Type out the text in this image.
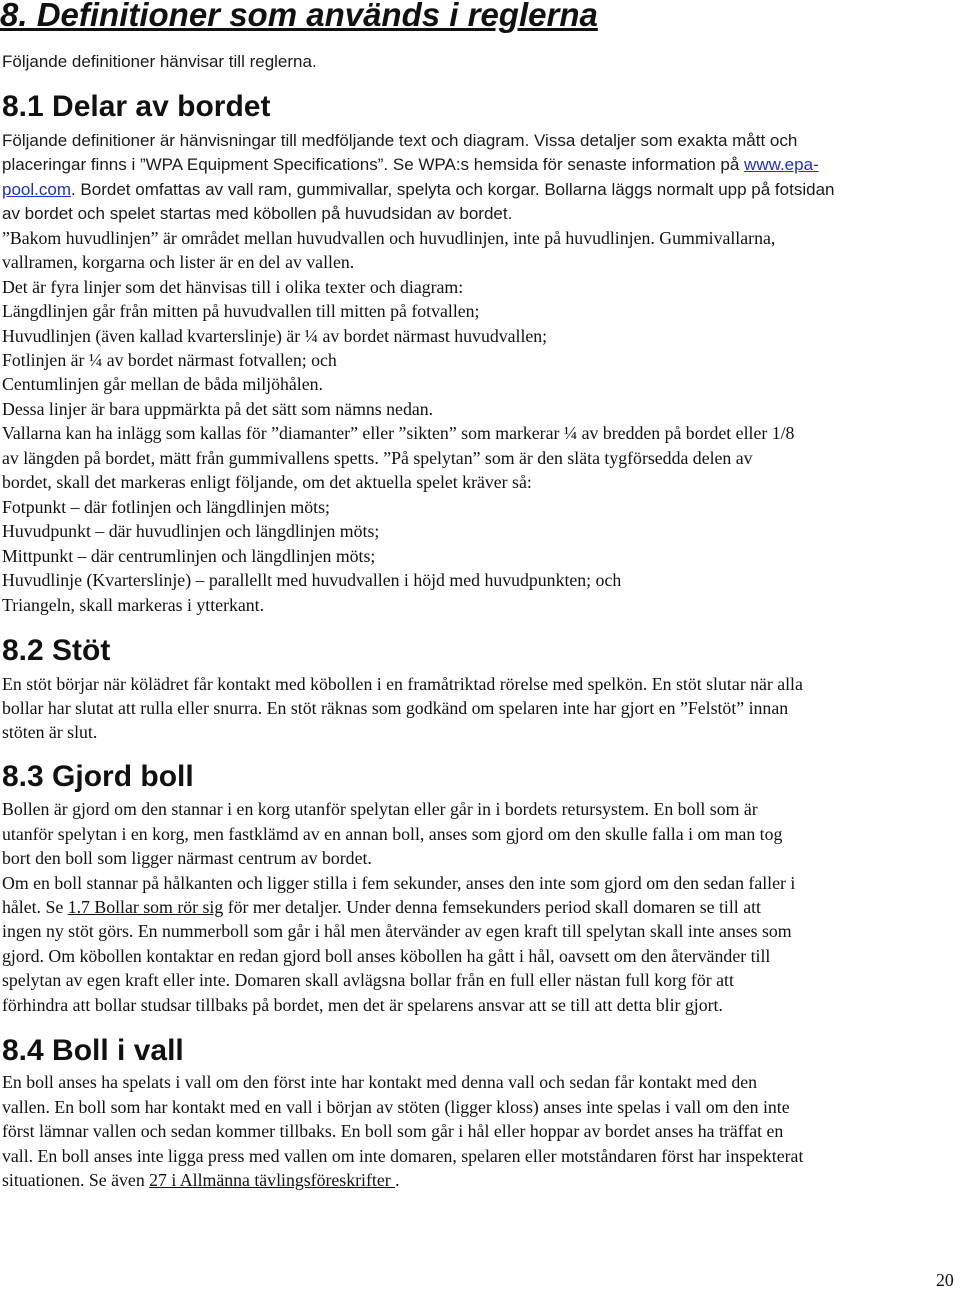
8. Definitioner som används i reglerna
Följande definitioner hänvisar till reglerna.
8.1 Delar av bordet
Följande definitioner är hänvisningar till medföljande text och diagram. Vissa detaljer som exakta mått och
placeringar finns i ”WPA Equipment Specifications”. Se WPA:s hemsida för senaste information på www.epa-
pool.com. Bordet omfattas av vall ram, gummivallar, spelyta och korgar. Bollarna läggs normalt upp på fotsidan
av bordet och spelet startas med köbollen på huvudsidan av bordet.
”Bakom huvudlinjen” är området mellan huvudvallen och huvudlinjen, inte på huvudlinjen. Gummivallarna,
vallramen, korgarna och lister är en del av vallen.
Det är fyra linjer som det hänvisas till i olika texter och diagram:
Längdlinjen går från mitten på huvudvallen till mitten på fotvallen;
Huvudlinjen (även kallad kvarterslinje) är ¼ av bordet närmast huvudvallen;
Fotlinjen är ¼ av bordet närmast fotvallen; och
Centumlinjen går mellan de båda miljöhålen.
Dessa linjer är bara uppmärkta på det sätt som nämns nedan.
Vallarna kan ha inlägg som kallas för ”diamanter” eller ”sikten” som markerar ¼ av bredden på bordet eller 1/8
av längden på bordet, mätt från gummivallens spetts. ”På spelytan” som är den släta tygförsedda delen av
bordet, skall det markeras enligt följande, om det aktuella spelet kräver så:
Fotpunkt – där fotlinjen och längdlinjen möts;
Huvudpunkt – där huvudlinjen och längdlinjen möts;
Mittpunkt – där centrumlinjen och längdlinjen möts;
Huvudlinje (Kvarterslinje) – parallellt med huvudvallen i höjd med huvudpunkten; och
Triangeln, skall markeras i ytterkant.
8.2 Stöt
En stöt börjar när kölädret får kontakt med köbollen i en framåtriktad rörelse med spelkön. En stöt slutar när alla
bollar har slutat att rulla eller snurra. En stöt räknas som godkänd om spelaren inte har gjort en ”Felstöt” innan
stöten är slut.
8.3 Gjord boll
Bollen är gjord om den stannar i en korg utanför spelytan eller går in i bordets retursystem. En boll som är
utanför spelytan i en korg, men fastklämd av en annan boll, anses som gjord om den skulle falla i om man tog
bort den boll som ligger närmast centrum av bordet.
Om en boll stannar på hålkanten och ligger stilla i fem sekunder, anses den inte som gjord om den sedan faller i
hålet. Se 1.7 Bollar som rör sig för mer detaljer. Under denna femsekunders period skall domaren se till att
ingen ny stöt görs. En nummerboll som går i hål men återvänder av egen kraft till spelytan skall inte anses som
gjord. Om köbollen kontaktar en redan gjord boll anses köbollen ha gått i hål, oavsett om den återvänder till
spelytan av egen kraft eller inte. Domaren skall avlägsna bollar från en full eller nästan full korg för att
förhindra att bollar studsar tillbaks på bordet, men det är spelarens ansvar att se till att detta blir gjort.
8.4 Boll i vall
En boll anses ha spelats i vall om den först inte har kontakt med denna vall och sedan får kontakt med den
vallen. En boll som har kontakt med en vall i början av stöten (ligger kloss) anses inte spelas i vall om den inte
först lämnar vallen och sedan kommer tillbaks. En boll som går i hål eller hoppar av bordet anses ha träffat en
vall. En boll anses inte ligga press med vallen om inte domaren, spelaren eller motståndaren först har inspekterat
situationen. Se även 27 i Allmänna tävlingsföreskrifter .
20
